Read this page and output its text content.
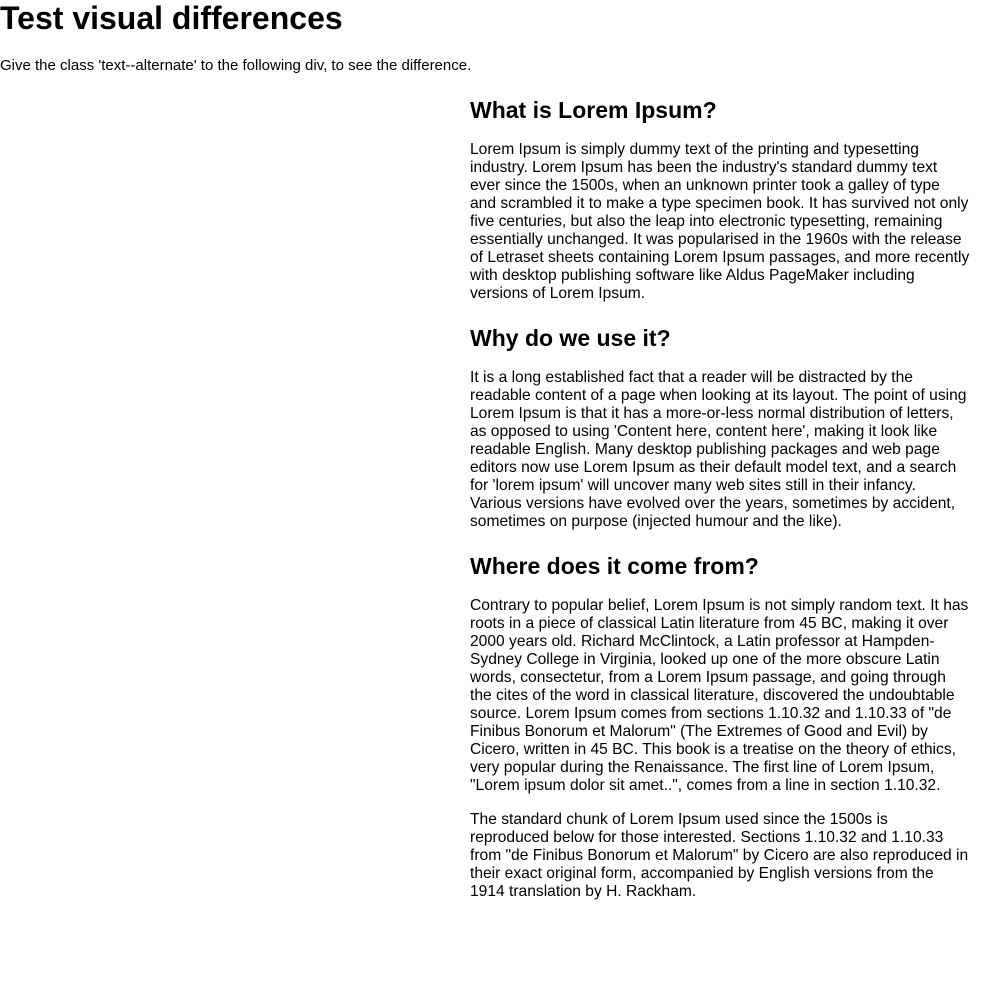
Test visual differences

Give the class 'text--alternate' to the following div, to see the difference.

What is Lorem Ipsum?

Lorem Ipsum is simply dummy text of the printing and typesetting industry. Lorem Ipsum has been the industry's standard dummy text ever since the 1500s, when an unknown printer took a galley of type and scrambled it to make a type specimen book. It has survived not only five centuries, but also the leap into electronic typesetting, remaining essentially unchanged. It was popularised in the 1960s with the release of Letraset sheets containing Lorem Ipsum passages, and more recently with desktop publishing software like Aldus PageMaker including versions of Lorem Ipsum.

Why do we use it?

It is a long established fact that a reader will be distracted by the readable content of a page when looking at its layout. The point of using Lorem Ipsum is that it has a more-or-less normal distribution of letters, as opposed to using 'Content here, content here', making it look like readable English. Many desktop publishing packages and web page editors now use Lorem Ipsum as their default model text, and a search for 'lorem ipsum' will uncover many web sites still in their infancy. Various versions have evolved over the years, sometimes by accident, sometimes on purpose (injected humour and the like).

Where does it come from?

Contrary to popular belief, Lorem Ipsum is not simply random text. It has roots in a piece of classical Latin literature from 45 BC, making it over 2000 years old. Richard McClintock, a Latin professor at Hampden-Sydney College in Virginia, looked up one of the more obscure Latin words, consectetur, from a Lorem Ipsum passage, and going through the cites of the word in classical literature, discovered the undoubtable source. Lorem Ipsum comes from sections 1.10.32 and 1.10.33 of "de Finibus Bonorum et Malorum" (The Extremes of Good and Evil) by Cicero, written in 45 BC. This book is a treatise on the theory of ethics, very popular during the Renaissance. The first line of Lorem Ipsum, "Lorem ipsum dolor sit amet..", comes from a line in section 1.10.32.

The standard chunk of Lorem Ipsum used since the 1500s is reproduced below for those interested. Sections 1.10.32 and 1.10.33 from "de Finibus Bonorum et Malorum" by Cicero are also reproduced in their exact original form, accompanied by English versions from the 1914 translation by H. Rackham.
